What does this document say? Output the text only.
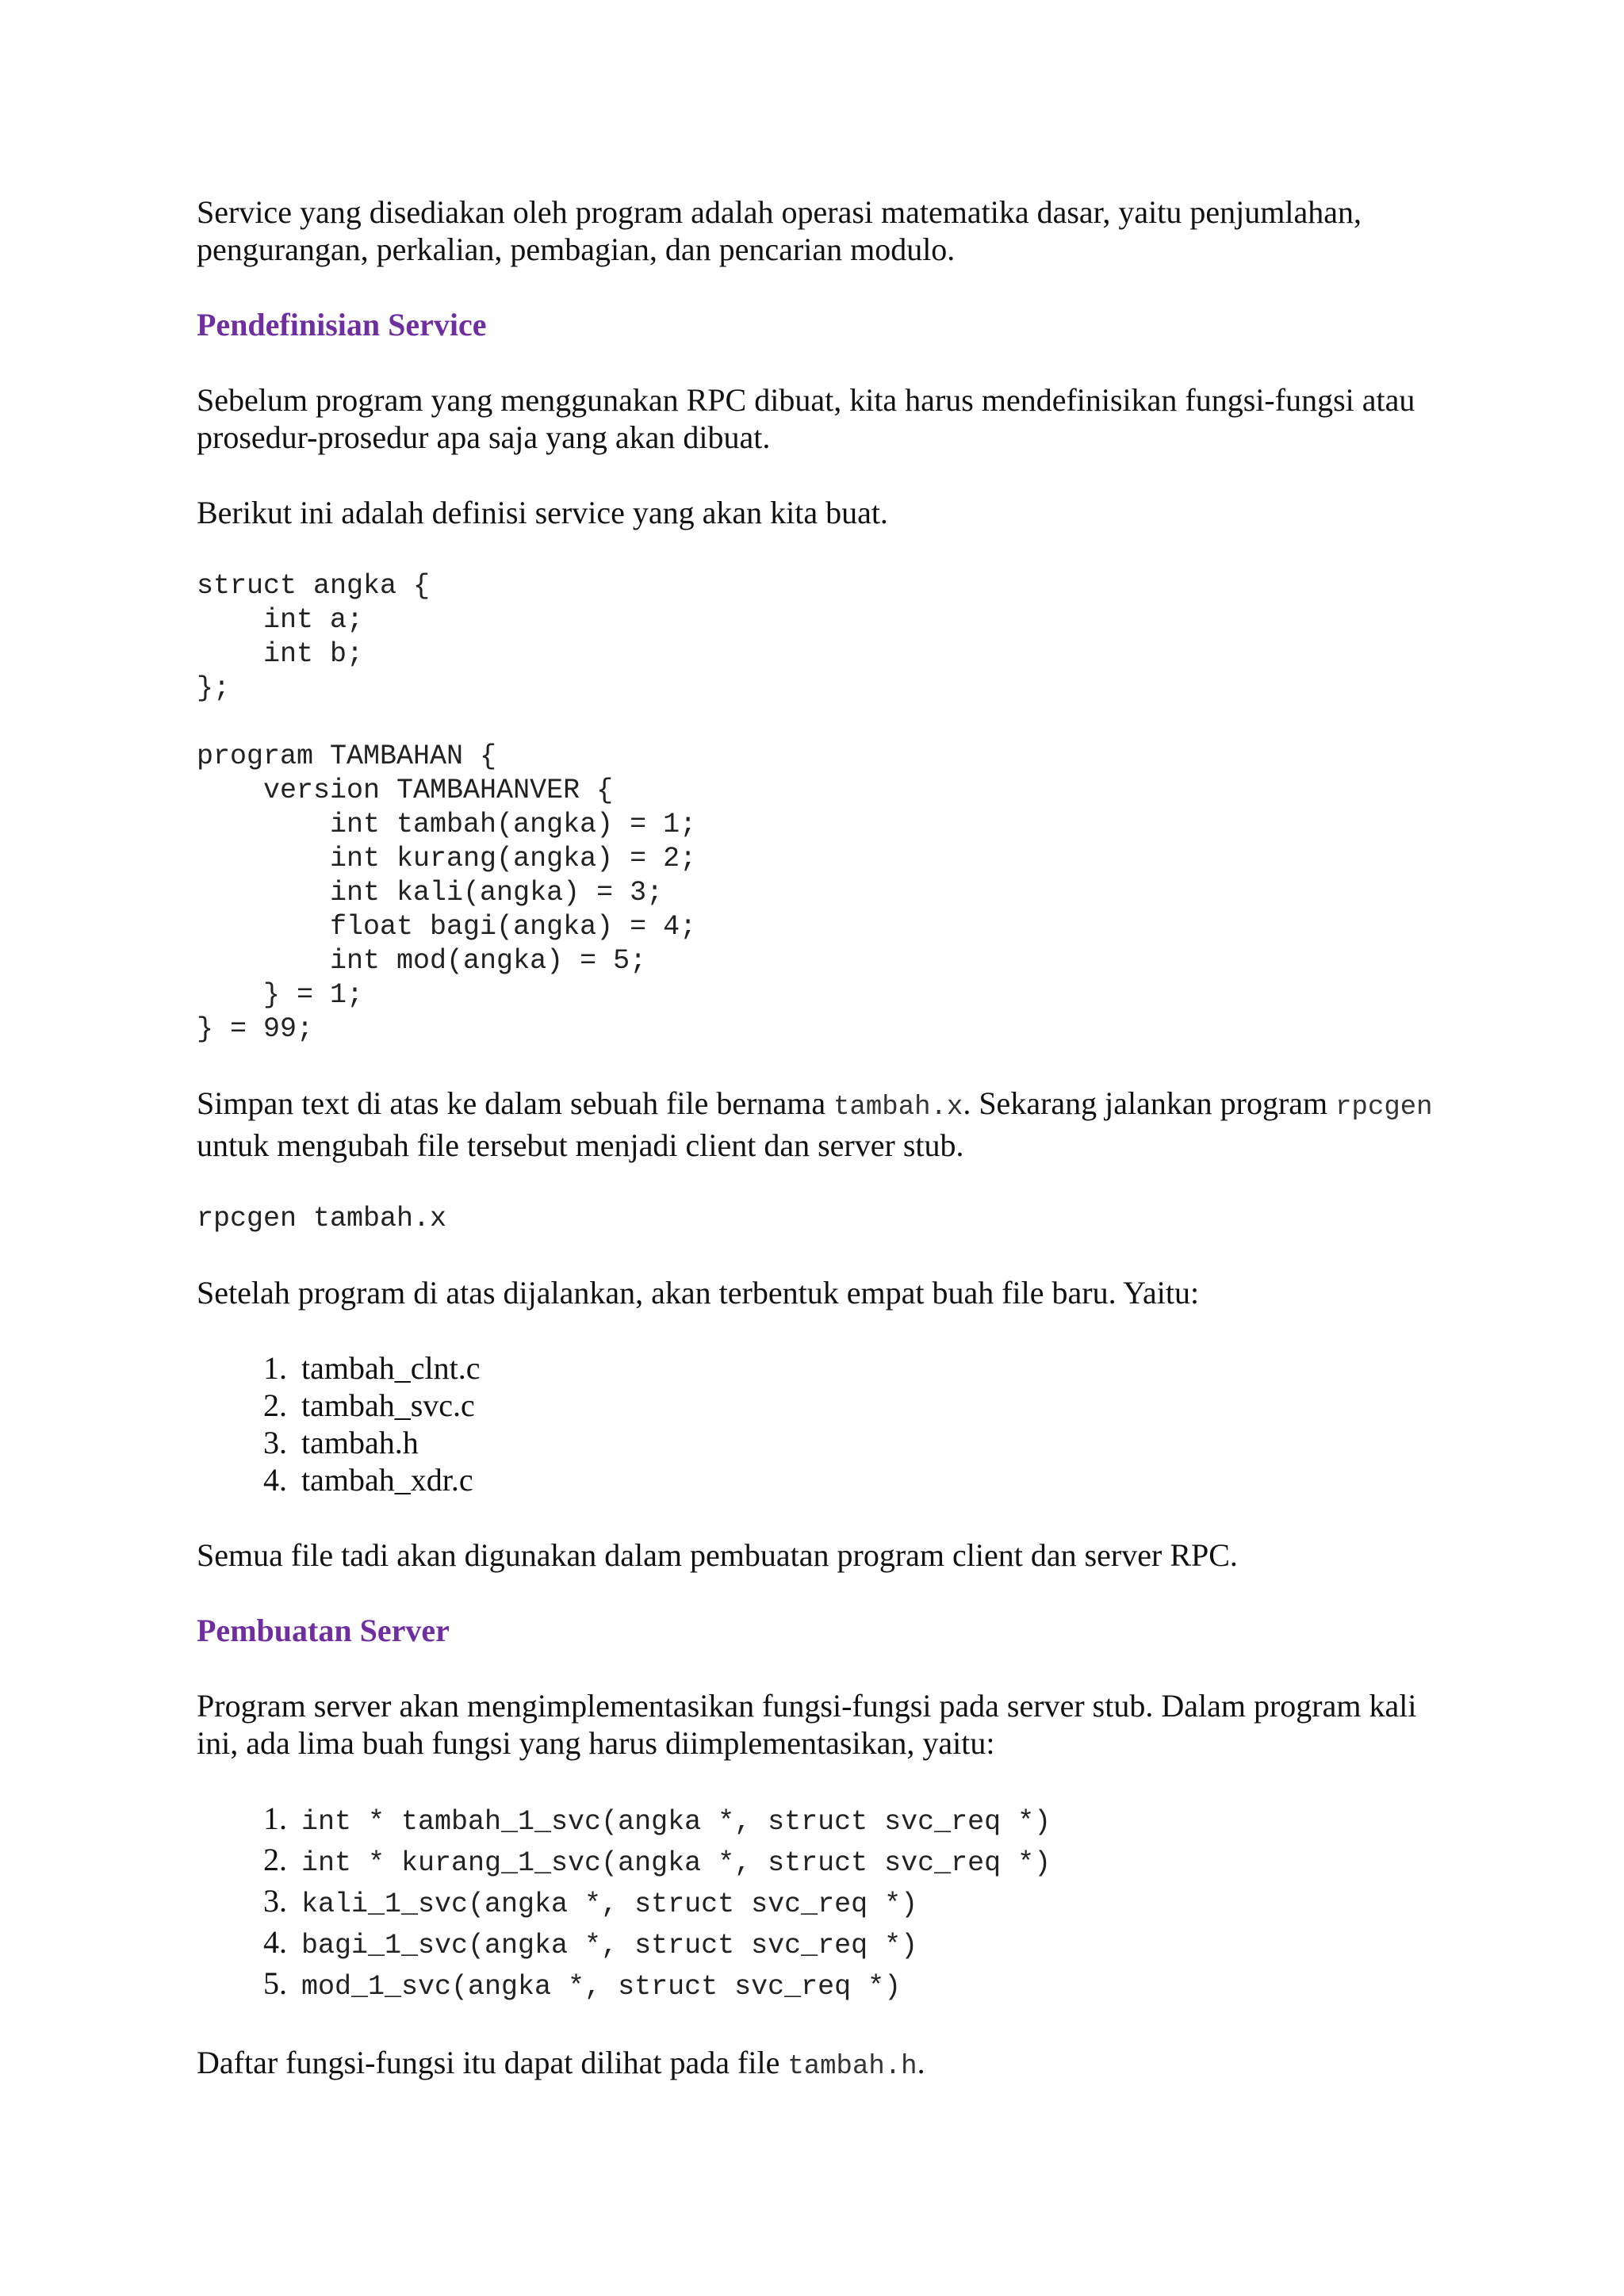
Service yang disediakan oleh program adalah operasi matematika dasar, yaitu penjumlahan, pengurangan, perkalian, pembagian, dan pencarian modulo.

Pendefinisian Service

Sebelum program yang menggunakan RPC dibuat, kita harus mendefinisikan fungsi-fungsi atau prosedur-prosedur apa saja yang akan dibuat.

Berikut ini adalah definisi service yang akan kita buat.

struct angka {
int a;
int b;
};

program TAMBAHAN {
version TAMBAHANVER {
int tambah(angka) = 1;
int kurang(angka) = 2;
int kali(angka) = 3;
float bagi(angka) = 4;
int mod(angka) = 5;
} = 1;
} = 99;

Simpan text di atas ke dalam sebuah file bernama tambah.x. Sekarang jalankan program rpcgen untuk mengubah file tersebut menjadi client dan server stub.

rpcgen tambah.x

Setelah program di atas dijalankan, akan terbentuk empat buah file baru. Yaitu:

1. tambah_clnt.c
2. tambah_svc.c
3. tambah.h
4. tambah_xdr.c

Semua file tadi akan digunakan dalam pembuatan program client dan server RPC.

Pembuatan Server

Program server akan mengimplementasikan fungsi-fungsi pada server stub. Dalam program kali ini, ada lima buah fungsi yang harus diimplementasikan, yaitu:

1. int * tambah_1_svc(angka *, struct svc_req *)
2. int * kurang_1_svc(angka *, struct svc_req *)
3. kali_1_svc(angka *, struct svc_req *)
4. bagi_1_svc(angka *, struct svc_req *)
5. mod_1_svc(angka *, struct svc_req *)

Daftar fungsi-fungsi itu dapat dilihat pada file tambah.h.
